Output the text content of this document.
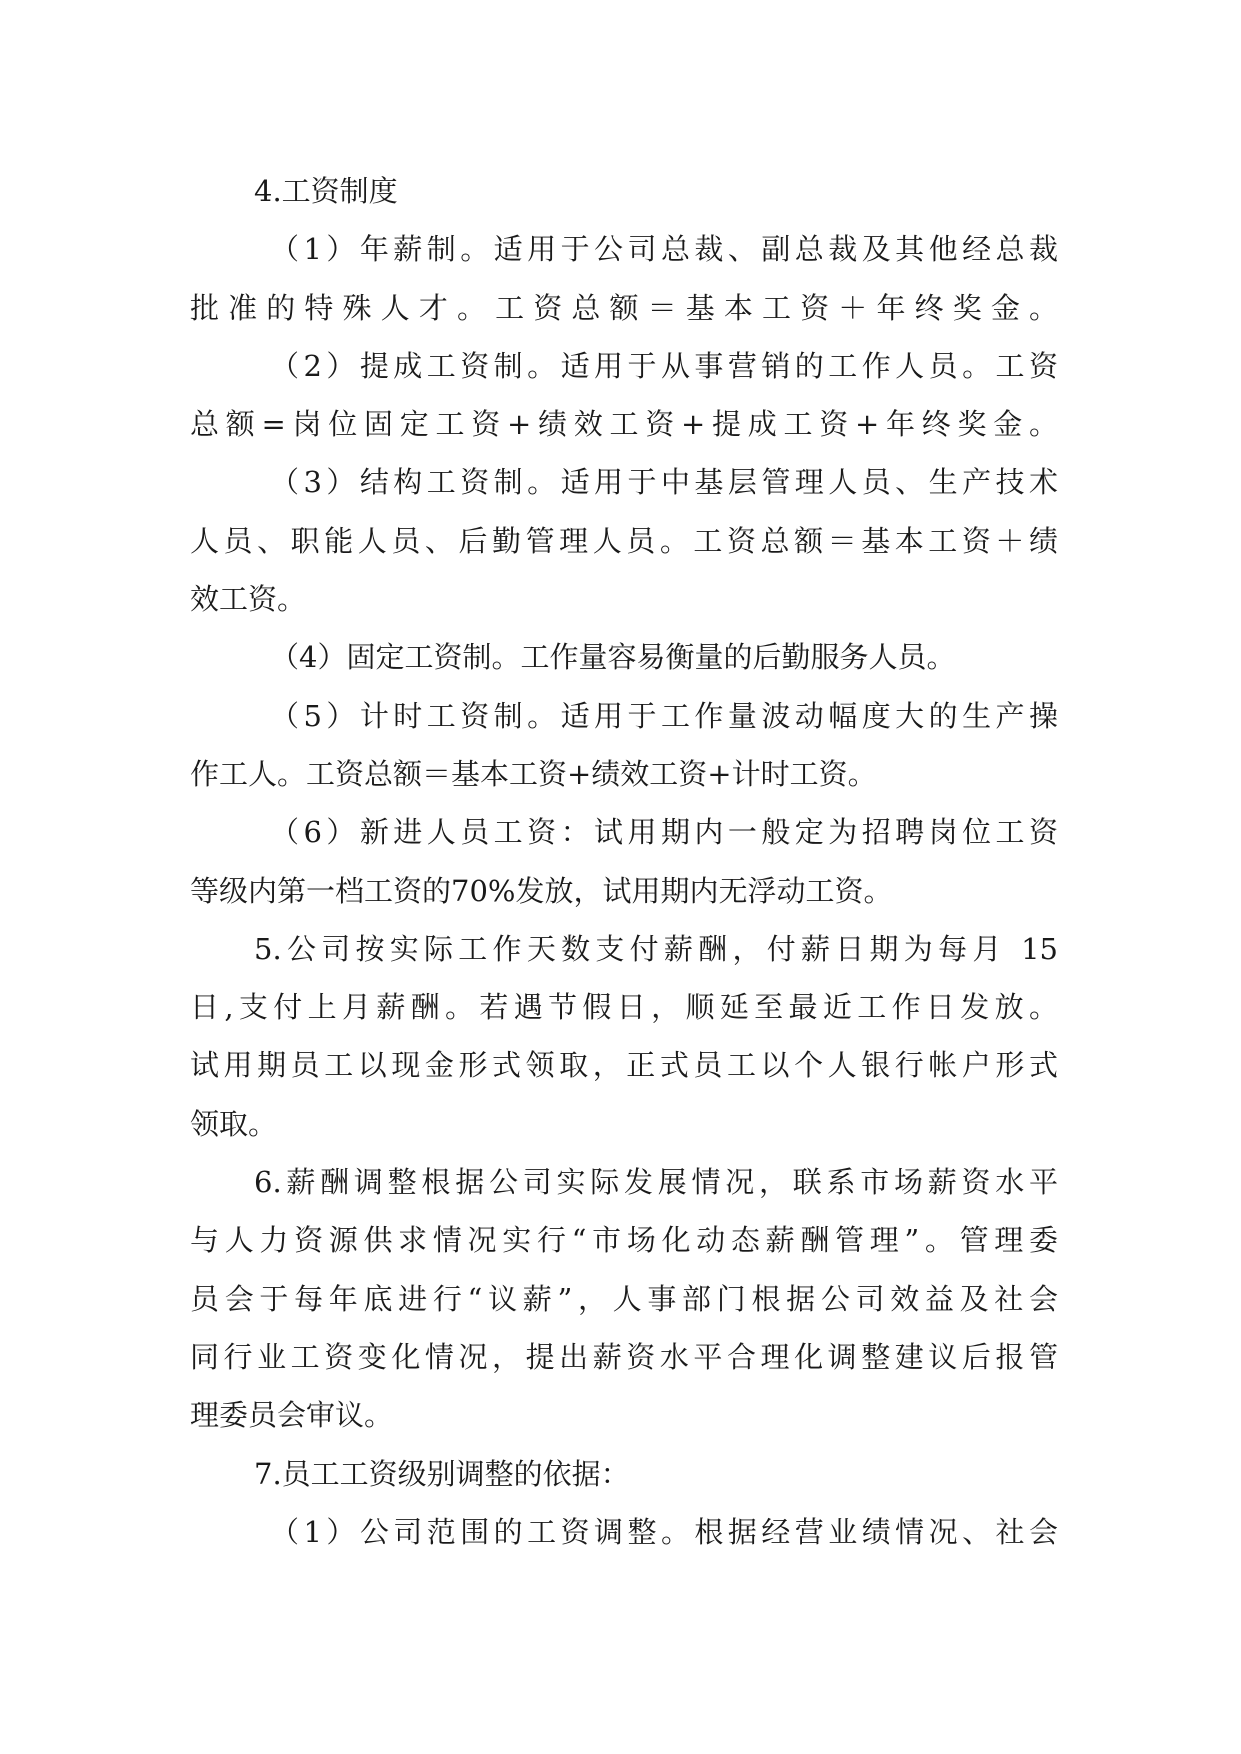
4.工资制度
（1）年薪制。适用于公司总裁、副总裁及其他经总裁
批准的特殊人才。工资总额＝基本工资＋年终奖金。
（2）提成工资制。适用于从事营销的工作人员。工资
总额=岗位固定工资+绩效工资+提成工资+年终奖金。
（3）结构工资制。适用于中基层管理人员、生产技术
人员、职能人员、后勤管理人员。工资总额＝基本工资＋绩
效工资。
（4）固定工资制。工作量容易衡量的后勤服务人员。
（5）计时工资制。适用于工作量波动幅度大的生产操
作工人。工资总额＝基本工资+绩效工资+计时工资。
（6）新进人员工资：试用期内一般定为招聘岗位工资
等级内第一档工资的70%发放，试用期内无浮动工资。
5.公司按实际工作天数支付薪酬，付薪日期为每月 15
日,支付上月薪酬。若遇节假日，顺延至最近工作日发放。
试用期员工以现金形式领取，正式员工以个人银行帐户形式
领取。
6.薪酬调整根据公司实际发展情况，联系市场薪资水平
与人力资源供求情况实行“市场化动态薪酬管理”。管理委
员会于每年底进行“议薪”，人事部门根据公司效益及社会
同行业工资变化情况，提出薪资水平合理化调整建议后报管
理委员会审议。
7.员工工资级别调整的依据：
（1）公司范围的工资调整。根据经营业绩情况、社会
